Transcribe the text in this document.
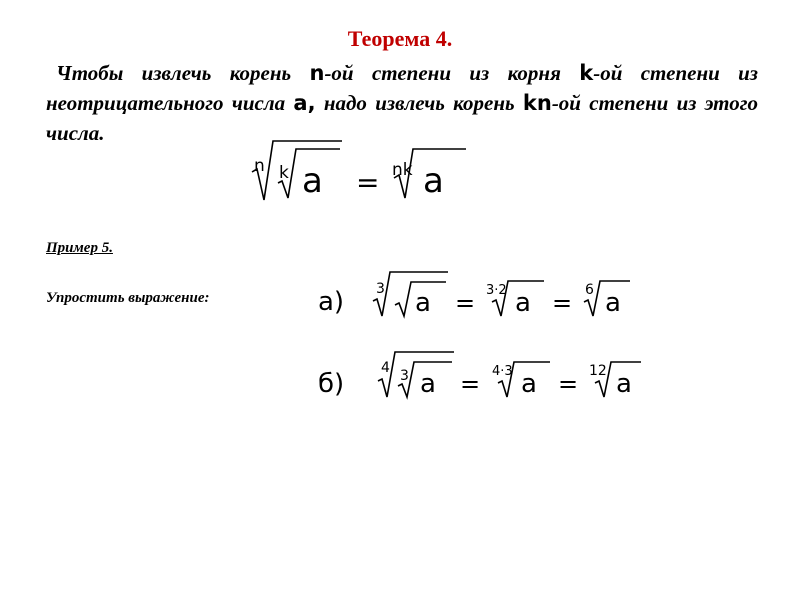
Теорема 4.
Чтобы извлечь корень n-ой степени из корня k-ой степени из неотрицательного числа a, надо извлечь корень kn-ой степени из этого числа.
Пример 5.
Упростить выражение:
n k a = nk a
а) 3 a = 3·2 a = 6 a
б)
4 3 a = 4·3 a = 12 a
